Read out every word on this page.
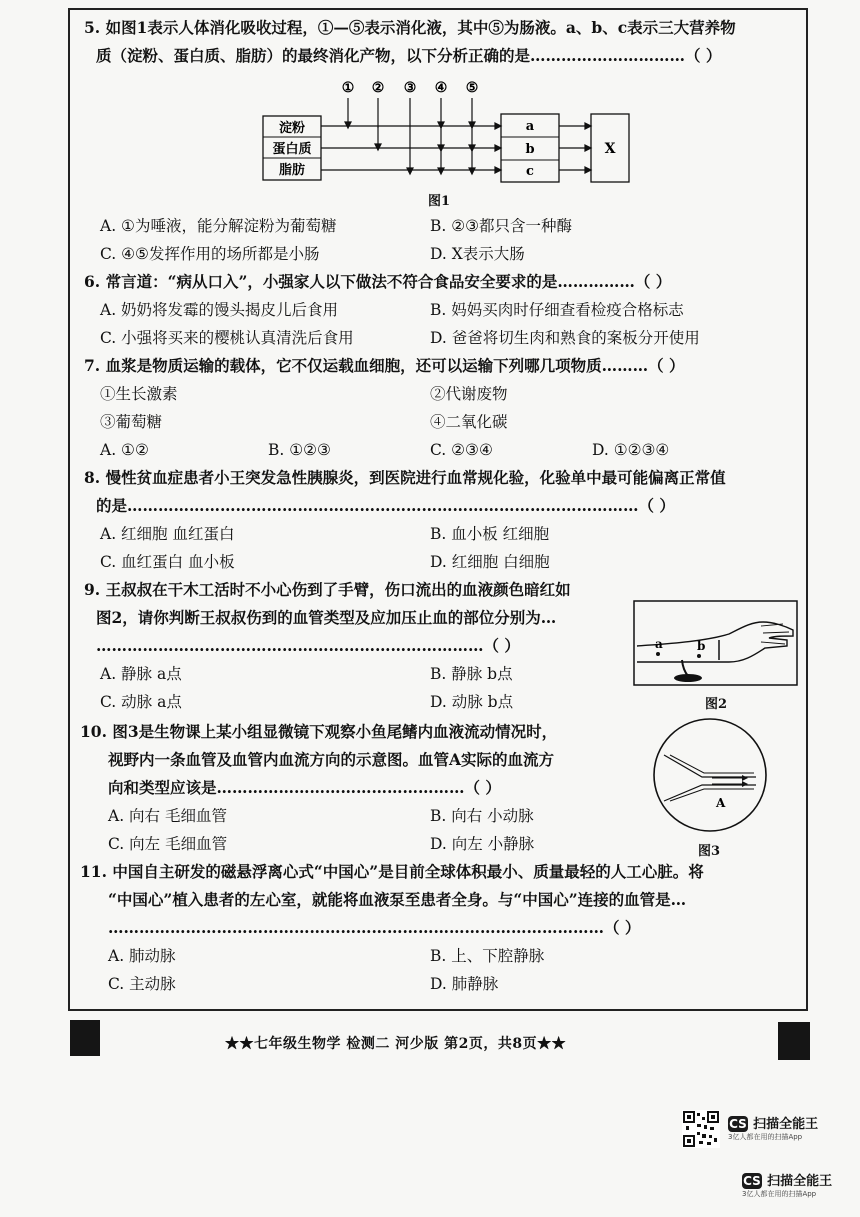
5. 如图1表示人体消化吸收过程，①—⑤表示消化液，其中⑤为肠液。a、b、c表示三大营养物
质（淀粉、蛋白质、脂肪）的最终消化产物，以下分析正确的是…………………………（ ）
① ② ③ ④ ⑤
淀粉
蛋白质
脂肪
a
b
c
X
图1
A. ①为唾液，能分解淀粉为葡萄糖	B. ②③都只含一种酶
C. ④⑤发挥作用的场所都是小肠	D. X表示大肠
6. 常言道：“病从口入”，小强家人以下做法不符合食品安全要求的是……………（ ）
A. 奶奶将发霉的馒头揭皮儿后食用	B. 妈妈买肉时仔细查看检疫合格标志
C. 小强将买来的樱桃认真清洗后食用	D. 爸爸将切生肉和熟食的案板分开使用
7. 血浆是物质运输的载体，它不仅运载血细胞，还可以运输下列哪几项物质………（ ）
①生长激素	②代谢废物
③葡萄糖	④二氧化碳
A. ①②	B. ①②③	C. ②③④	D. ①②③④
8. 慢性贫血症患者小王突发急性胰腺炎，到医院进行血常规化验，化验单中最可能偏离正常值
的是………………………………………………………………………………………（ ）
A. 红细胞 血红蛋白	B. 血小板 红细胞
C. 血红蛋白 血小板	D. 红细胞 白细胞
9. 王叔叔在干木工活时不小心伤到了手臂，伤口流出的血液颜色暗红如
图2，请你判断王叔叔伤到的血管类型及应加压止血的部位分别为…
…………………………………………………………………（ ）
A. 静脉 a点	B. 静脉 b点
C. 动脉 a点	D. 动脉 b点
a	b
图2
10. 图3是生物课上某小组显微镜下观察小鱼尾鳍内血液流动情况时，
视野内一条血管及血管内血流方向的示意图。血管A实际的血流方
向和类型应该是…………………………………………（ ）
A. 向右 毛细血管	B. 向右 小动脉
C. 向左 毛细血管	D. 向左 小静脉
A
图3
11. 中国自主研发的磁悬浮离心式“中国心”是目前全球体积最小、质量最轻的人工心脏。将
“中国心”植入患者的左心室，就能将血液泵至患者全身。与“中国心”连接的血管是…
……………………………………………………………………………………（ ）
A. 肺动脉	B. 上、下腔静脉
C. 主动脉	D. 肺静脉
★★七年级生物学 检测二 河少版 第2页，共8页★★
CS 扫描全能王
3亿人都在用的扫描App
CS 扫描全能王
3亿人都在用的扫描App
